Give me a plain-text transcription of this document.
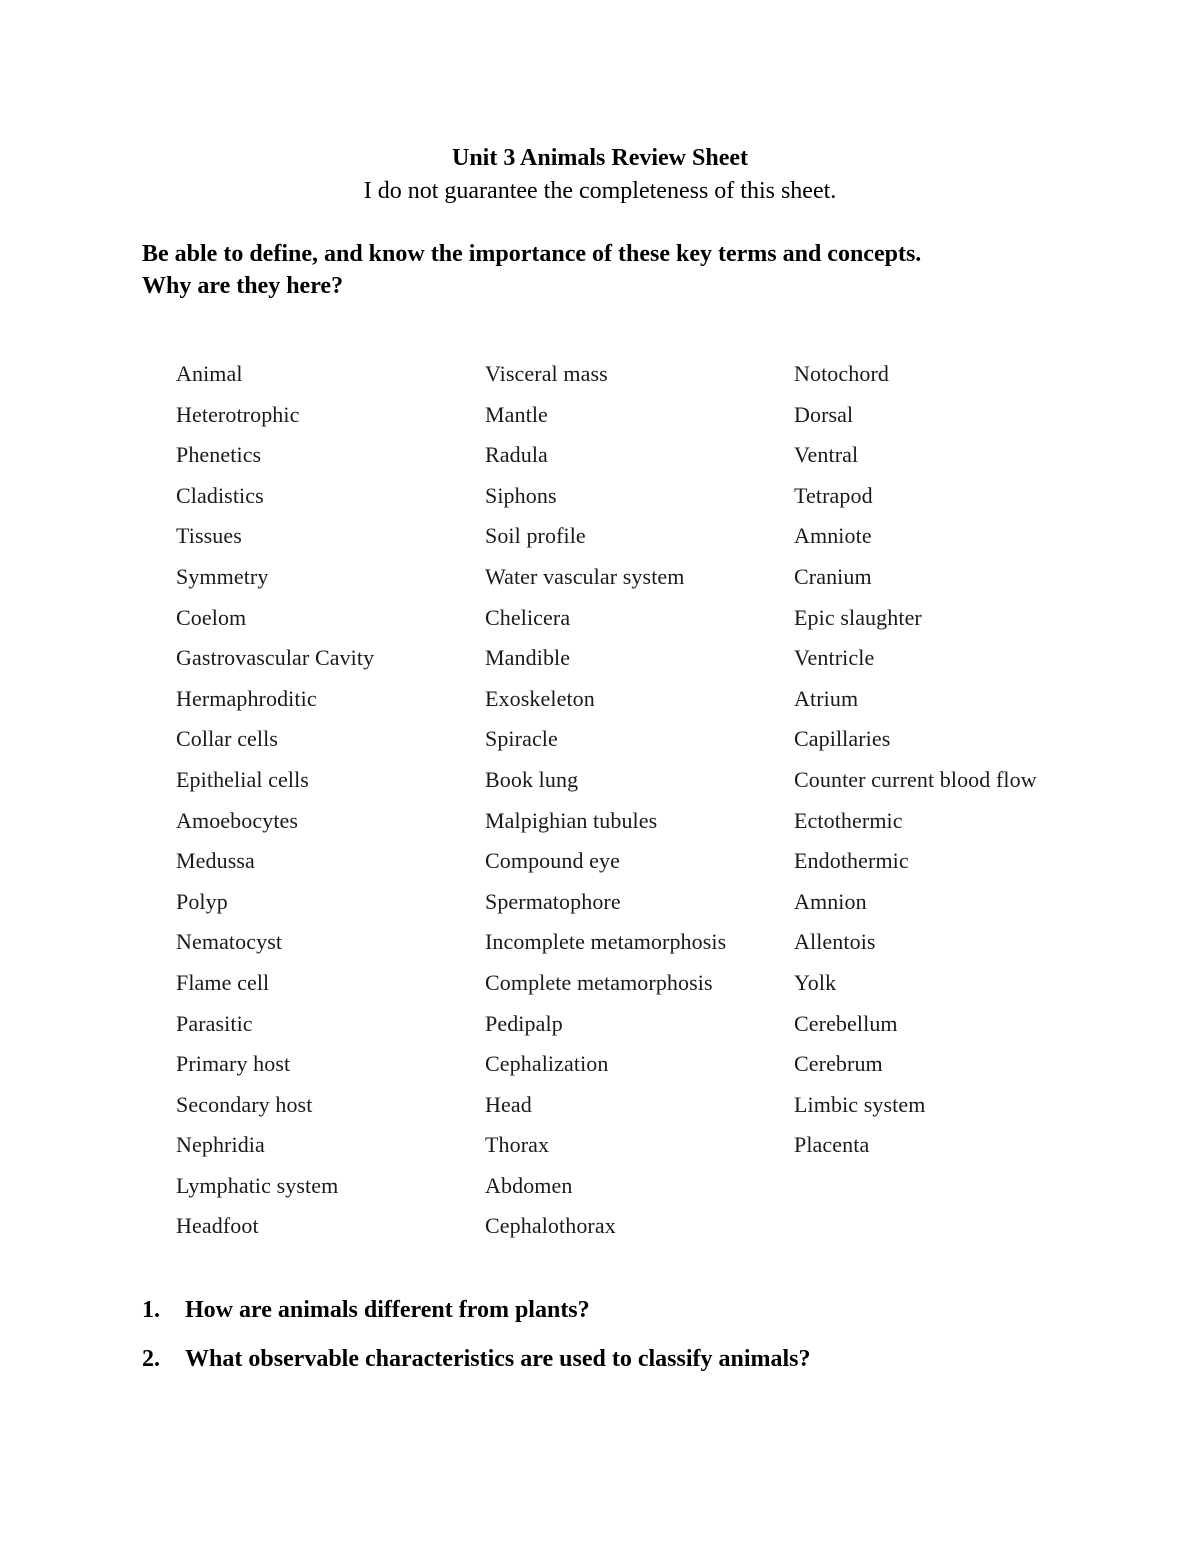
Unit 3 Animals Review Sheet
I do not guarantee the completeness of this sheet.
Be able to define, and know the importance of these key terms and concepts.
Why are they here?
Animal
Heterotrophic
Phenetics
Cladistics
Tissues
Symmetry
Coelom
Gastrovascular Cavity
Hermaphroditic
Collar cells
Epithelial cells
Amoebocytes
Medussa
Polyp
Nematocyst
Flame cell
Parasitic
Primary host
Secondary host
Nephridia
Lymphatic system
Headfoot
Visceral mass
Mantle
Radula
Siphons
Soil profile
Water vascular system
Chelicera
Mandible
Exoskeleton
Spiracle
Book lung
Malpighian tubules
Compound eye
Spermatophore
Incomplete metamorphosis
Complete metamorphosis
Pedipalp
Cephalization
Head
Thorax
Abdomen
Cephalothorax
Notochord
Dorsal
Ventral
Tetrapod
Amniote
Cranium
Epic slaughter
Ventricle
Atrium
Capillaries
Counter current blood flow
Ectothermic
Endothermic
Amnion
Allentois
Yolk
Cerebellum
Cerebrum
Limbic system
Placenta
1. How are animals different from plants?
2. What observable characteristics are used to classify animals?
